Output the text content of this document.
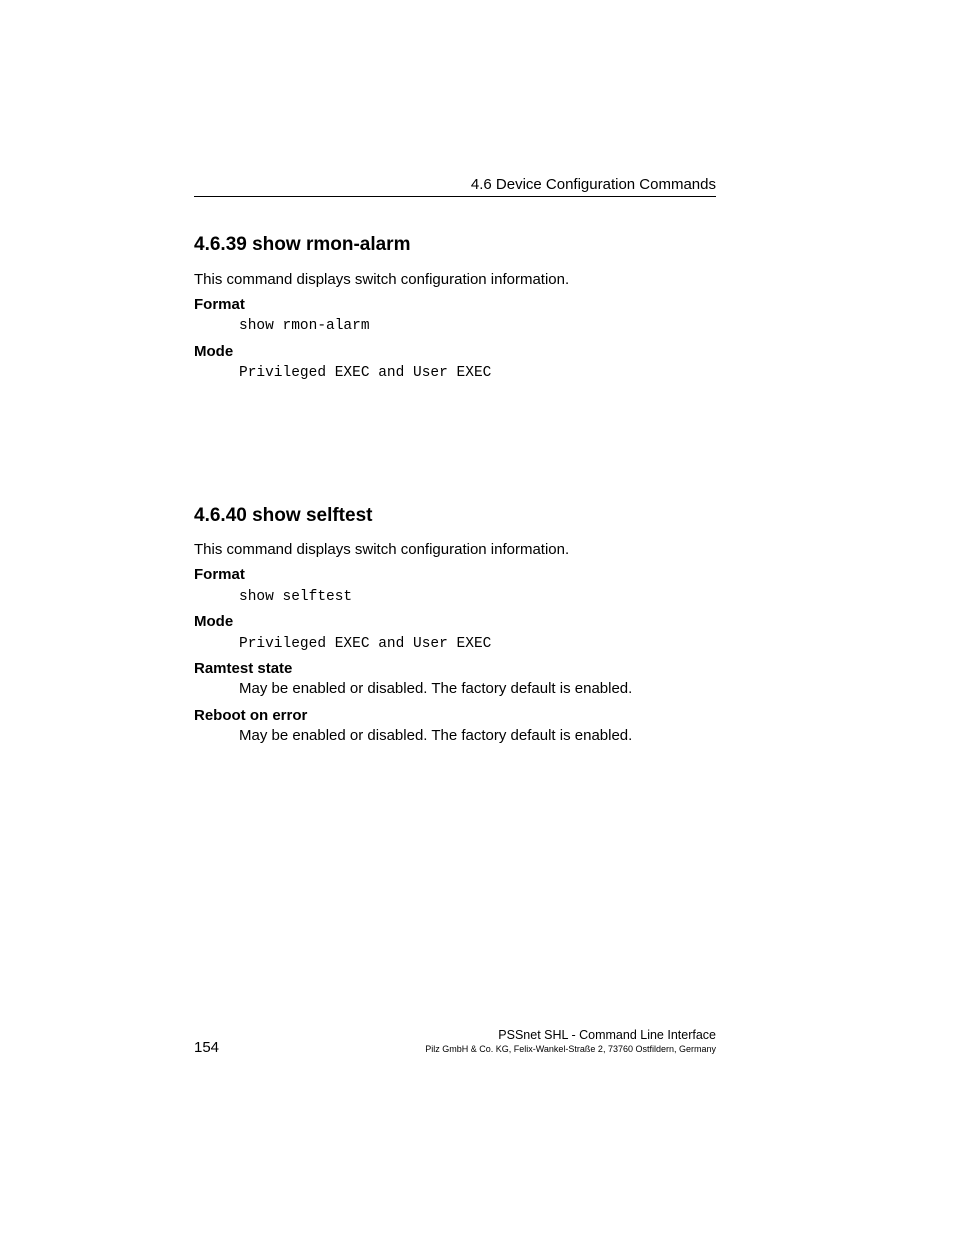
4.6 Device Configuration Commands
4.6.39 show rmon-alarm
This command displays switch configuration information.
Format
show rmon-alarm
Mode
Privileged EXEC and User EXEC
4.6.40 show selftest
This command displays switch configuration information.
Format
show selftest
Mode
Privileged EXEC and User EXEC
Ramtest state
May be enabled or disabled. The factory default is enabled.
Reboot on error
May be enabled or disabled. The factory default is enabled.
PSSnet SHL - Command Line Interface
Pilz GmbH & Co. KG, Felix-Wankel-Straße 2, 73760 Ostfildern, Germany
154
